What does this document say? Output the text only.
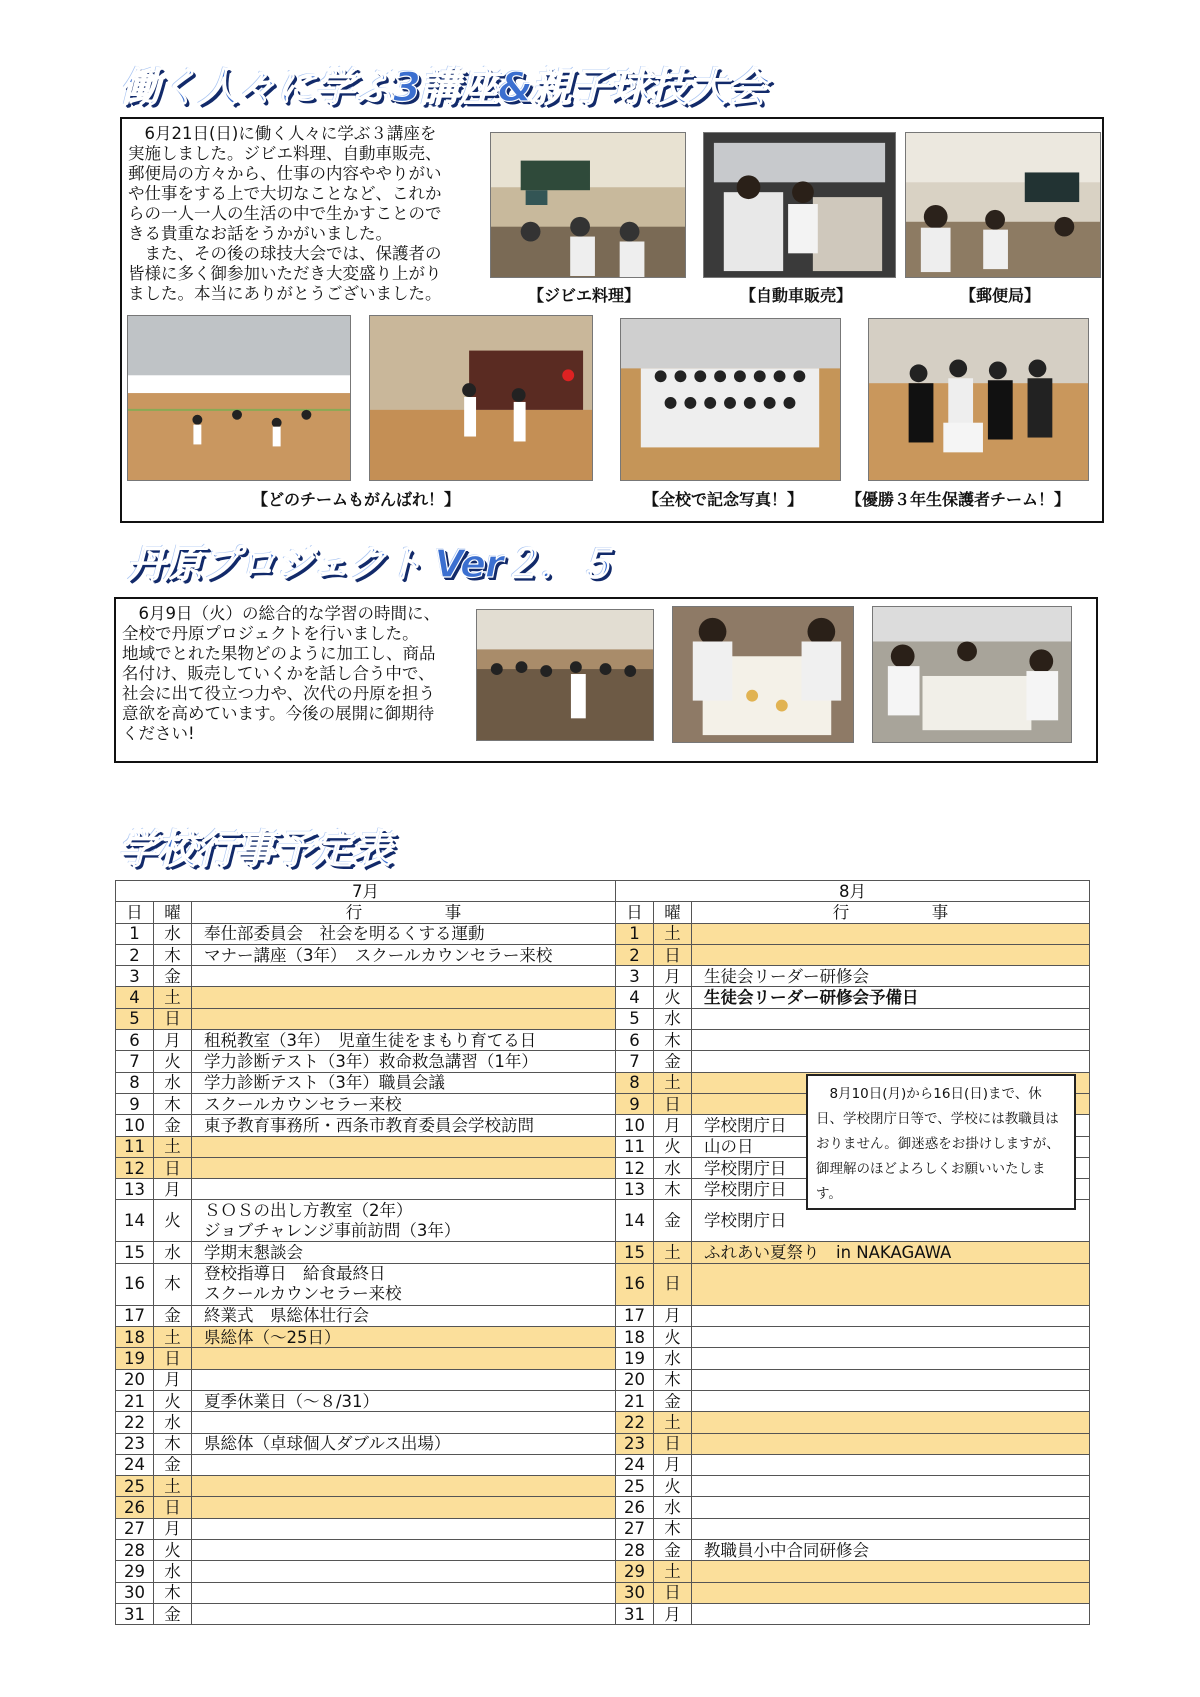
働く人々に学ぶ3講座&親子球技大会
　6月21日(日)に働く人々に学ぶ３講座を
実施しました。ジビエ料理、自動車販売、
郵便局の方々から、仕事の内容ややりがい
や仕事をする上で大切なことなど、これか
らの一人一人の生活の中で生かすことので
きる貴重なお話をうかがいました。
　また、その後の球技大会では、保護者の
皆様に多く御参加いただき大変盛り上がり
ました。本当にありがとうございました。	【ジビエ料理】	【自動車販売】	【郵便局】
【どのチームもがんばれ！】	【全校で記念写真！】	【優勝３年生保護者チーム！】
丹原プロジェクト Ver２．５
　6月9日（火）の総合的な学習の時間に、
全校で丹原プロジェクトを行いました。
地域でとれた果物どのように加工し、商品
名付け、販売していくかを話し合う中で、
社会に出て役立つ力や、次代の丹原を担う
意欲を高めています。今後の展開に御期待
ください!
学校行事予定表
7月			8月		
日	曜	行　　　　　事	日	曜	行　　　　　事
1	水	奉仕部委員会　社会を明るくする運動	1	土	
2	木	マナー講座（3年）　スクールカウンセラー来校	2	日	
3	金		3	月	生徒会リーダー研修会
4	土		4	火	生徒会リーダー研修会予備日
5	日		5	水	
6	月	租税教室（3年）　児童生徒をまもり育てる日	6	木	
7	火	学力診断テスト（3年）救命救急講習（1年）	7	金	
8	水	学力診断テスト（3年）職員会議	8	土	
9	木	スクールカウンセラー来校	9	日	
10	金	東予教育事務所・西条市教育委員会学校訪問	10	月	学校閉庁日
11	土		11	火	山の日
12	日		12	水	学校閉庁日
13	月		13	木	学校閉庁日
14	火	ＳＯＳの出し方教室（2年）
ジョブチャレンジ事前訪問（3年）	14	金	学校閉庁日
15	水	学期末懇談会	15	土	ふれあい夏祭り　in NAKAGAWA
16	木	登校指導日　給食最終日
スクールカウンセラー来校	16	日	
17	金	終業式　県総体壮行会	17	月	
18	土	県総体（～25日）	18	火	
19	日		19	水	
20	月		20	木	
21	火	夏季休業日（～８/31）	21	金	
22	水		22	土	
23	木	県総体（卓球個人ダブルス出場）	23	日	
24	金		24	月	
25	土		25	火	
26	日		26	水	
27	月		27	木	
28	火		28	金	教職員小中合同研修会
29	水		29	土	
30	木		30	日	
31	金		31	月	
　8月10日(月)から16日(日)まで、休日、学校閉庁日等で、学校には教職員はおりません。御迷惑をお掛けしますが、御理解のほどよろしくお願いいたします。
